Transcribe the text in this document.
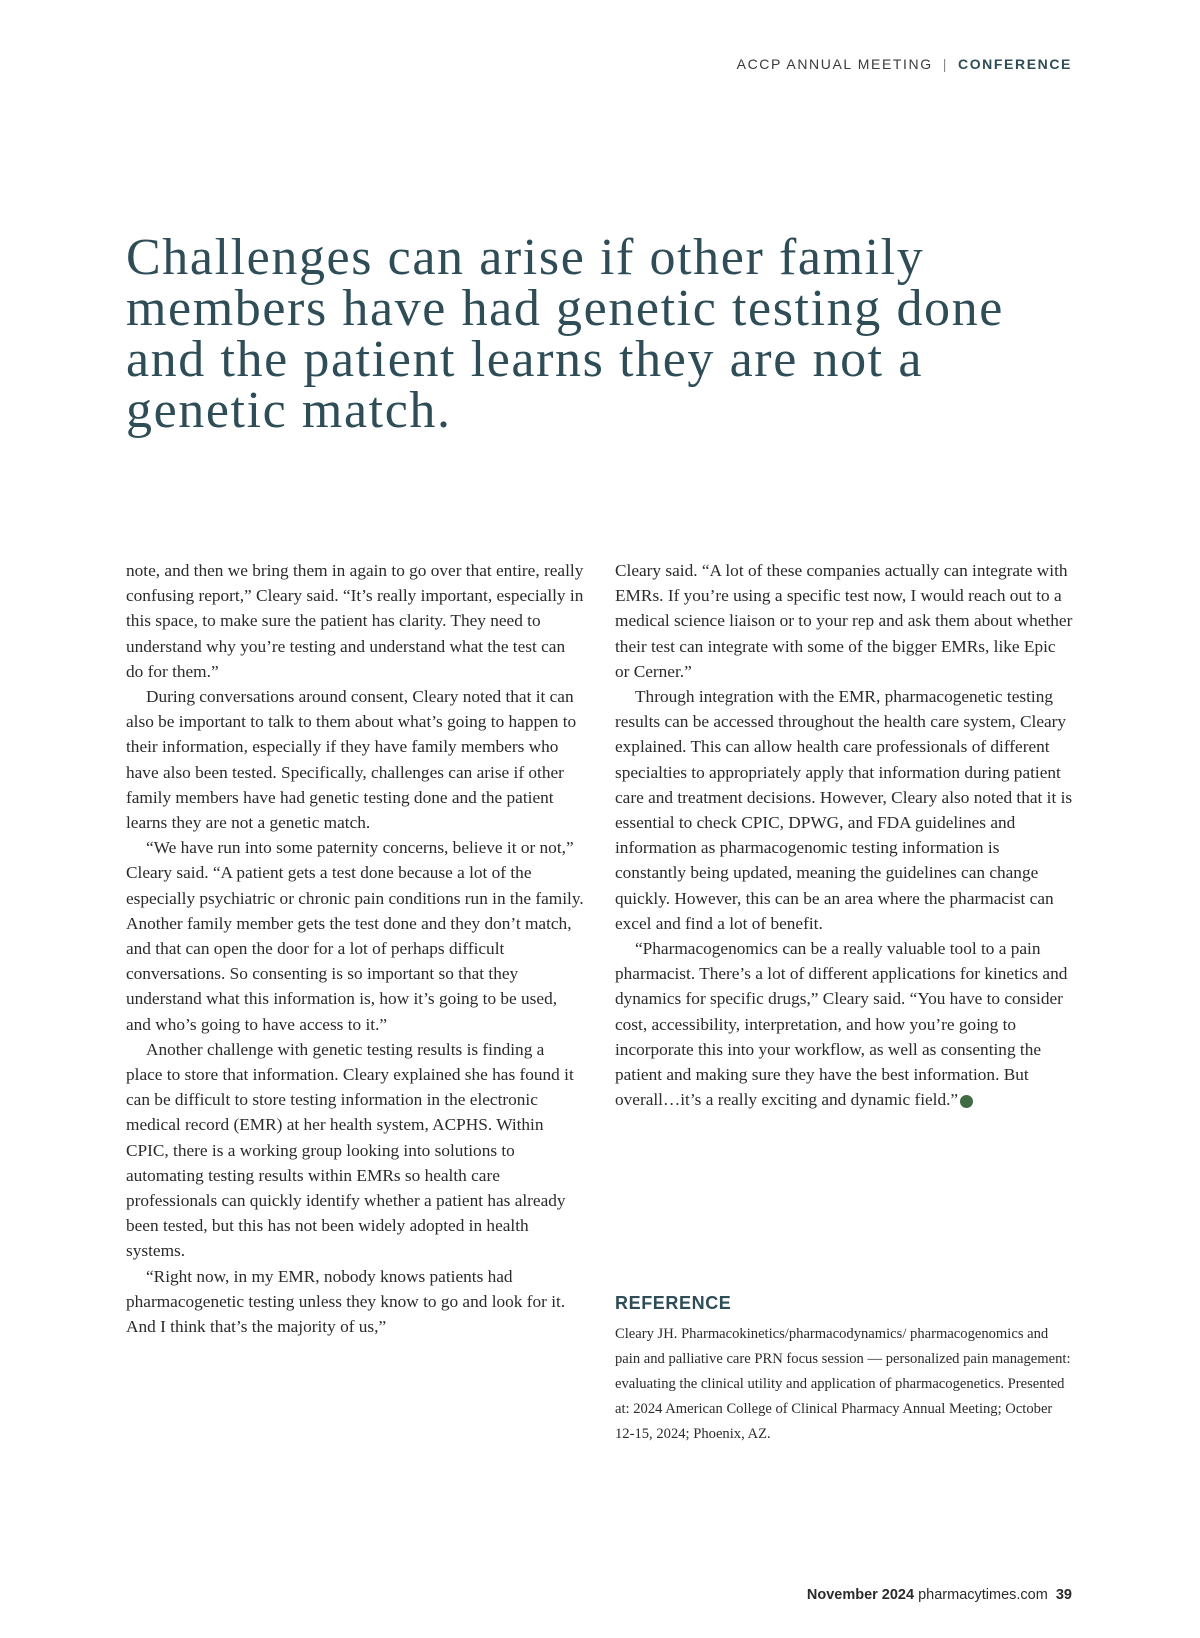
ACCP ANNUAL MEETING | CONFERENCE
Challenges can arise if other family members have had genetic testing done and the patient learns they are not a genetic match.

note, and then we bring them in again to go over that entire, really confusing report,” Cleary said. “It’s really important, especially in this space, to make sure the patient has clarity. They need to understand why you’re testing and understand what the test can do for them.”

During conversations around consent, Cleary noted that it can also be important to talk to them about what’s going to happen to their information, especially if they have family members who have also been tested. Specifically, challenges can arise if other family members have had genetic testing done and the patient learns they are not a genetic match.

“We have run into some paternity concerns, believe it or not,” Cleary said. “A patient gets a test done because a lot of the especially psychiatric or chronic pain conditions run in the family. Another family member gets the test done and they don’t match, and that can open the door for a lot of perhaps difficult conversations. So consenting is so important so that they understand what this information is, how it’s going to be used, and who’s going to have access to it.”

Another challenge with genetic testing results is finding a place to store that information. Cleary explained she has found it can be difficult to store testing information in the electronic medical record (EMR) at her health system, ACPHS. Within CPIC, there is a working group looking into solutions to automating testing results within EMRs so health care professionals can quickly identify whether a patient has already been tested, but this has not been widely adopted in health systems.

“Right now, in my EMR, nobody knows patients had pharmacogenetic testing unless they know to go and look for it. And I think that’s the majority of us,”

Cleary said. “A lot of these companies actually can integrate with EMRs. If you’re using a specific test now, I would reach out to a medical science liaison or to your rep and ask them about whether their test can integrate with some of the bigger EMRs, like Epic or Cerner.”

Through integration with the EMR, pharmacogenetic testing results can be accessed throughout the health care system, Cleary explained. This can allow health care professionals of different specialties to appropriately apply that information during patient care and treatment decisions. However, Cleary also noted that it is essential to check CPIC, DPWG, and FDA guidelines and information as pharmacogenomic testing information is constantly being updated, meaning the guidelines can change quickly. However, this can be an area where the pharmacist can excel and find a lot of benefit.

“Pharmacogenomics can be a really valuable tool to a pain pharmacist. There’s a lot of different applications for kinetics and dynamics for specific drugs,” Cleary said. “You have to consider cost, accessibility, interpretation, and how you’re going to incorporate this into your workflow, as well as consenting the patient and making sure they have the best information. But overall…it’s a really exciting and dynamic field.” P

REFERENCE
Cleary JH. Pharmacokinetics/pharmacodynamics/ pharmacogenomics and pain and palliative care PRN focus session — personalized pain management: evaluating the clinical utility and application of pharmacogenetics. Presented at: 2024 American College of Clinical Pharmacy Annual Meeting; October 12-15, 2024; Phoenix, AZ.
November 2024 pharmacytimes.com 39
